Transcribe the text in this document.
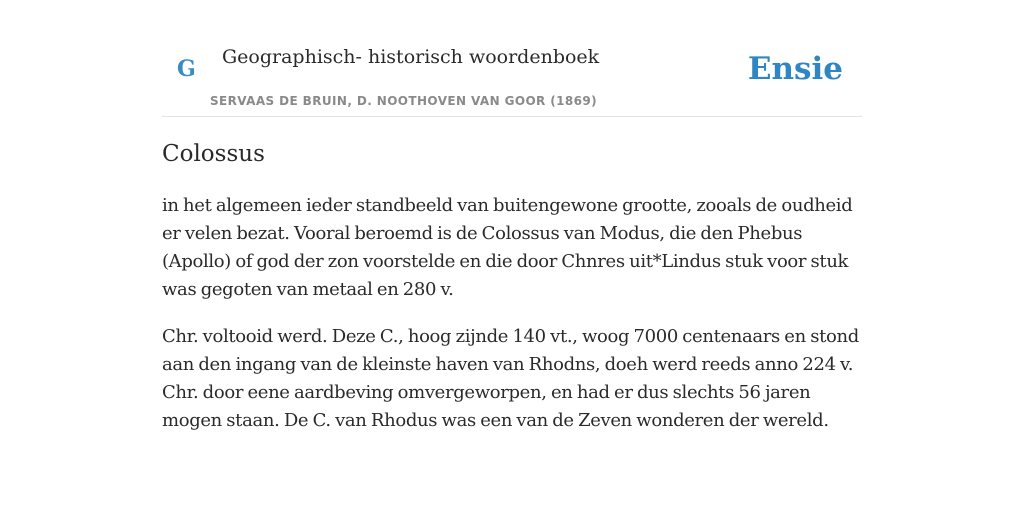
G Geographisch- historisch woordenboek
SERVAAS DE BRUIN, D. NOOTHOVEN VAN GOOR (1869)
Ensie
Colossus

in het algemeen ieder standbeeld van buitengewone grootte, zooals de oudheid er velen bezat. Vooral beroemd is de Colossus van Modus, die den Phebus (Apollo) of god der zon voorstelde en die door Chnres uit*Lindus stuk voor stuk was gegoten van metaal en 280 v.

Chr. voltooid werd. Deze C., hoog zijnde 140 vt., woog 7000 centenaars en stond aan den ingang van de kleinste haven van Rhodns, doeh werd reeds anno 224 v. Chr. door eene aardbeving omvergeworpen, en had er dus slechts 56 jaren mogen staan. De C. van Rhodus was een van de Zeven wonderen der wereld.
